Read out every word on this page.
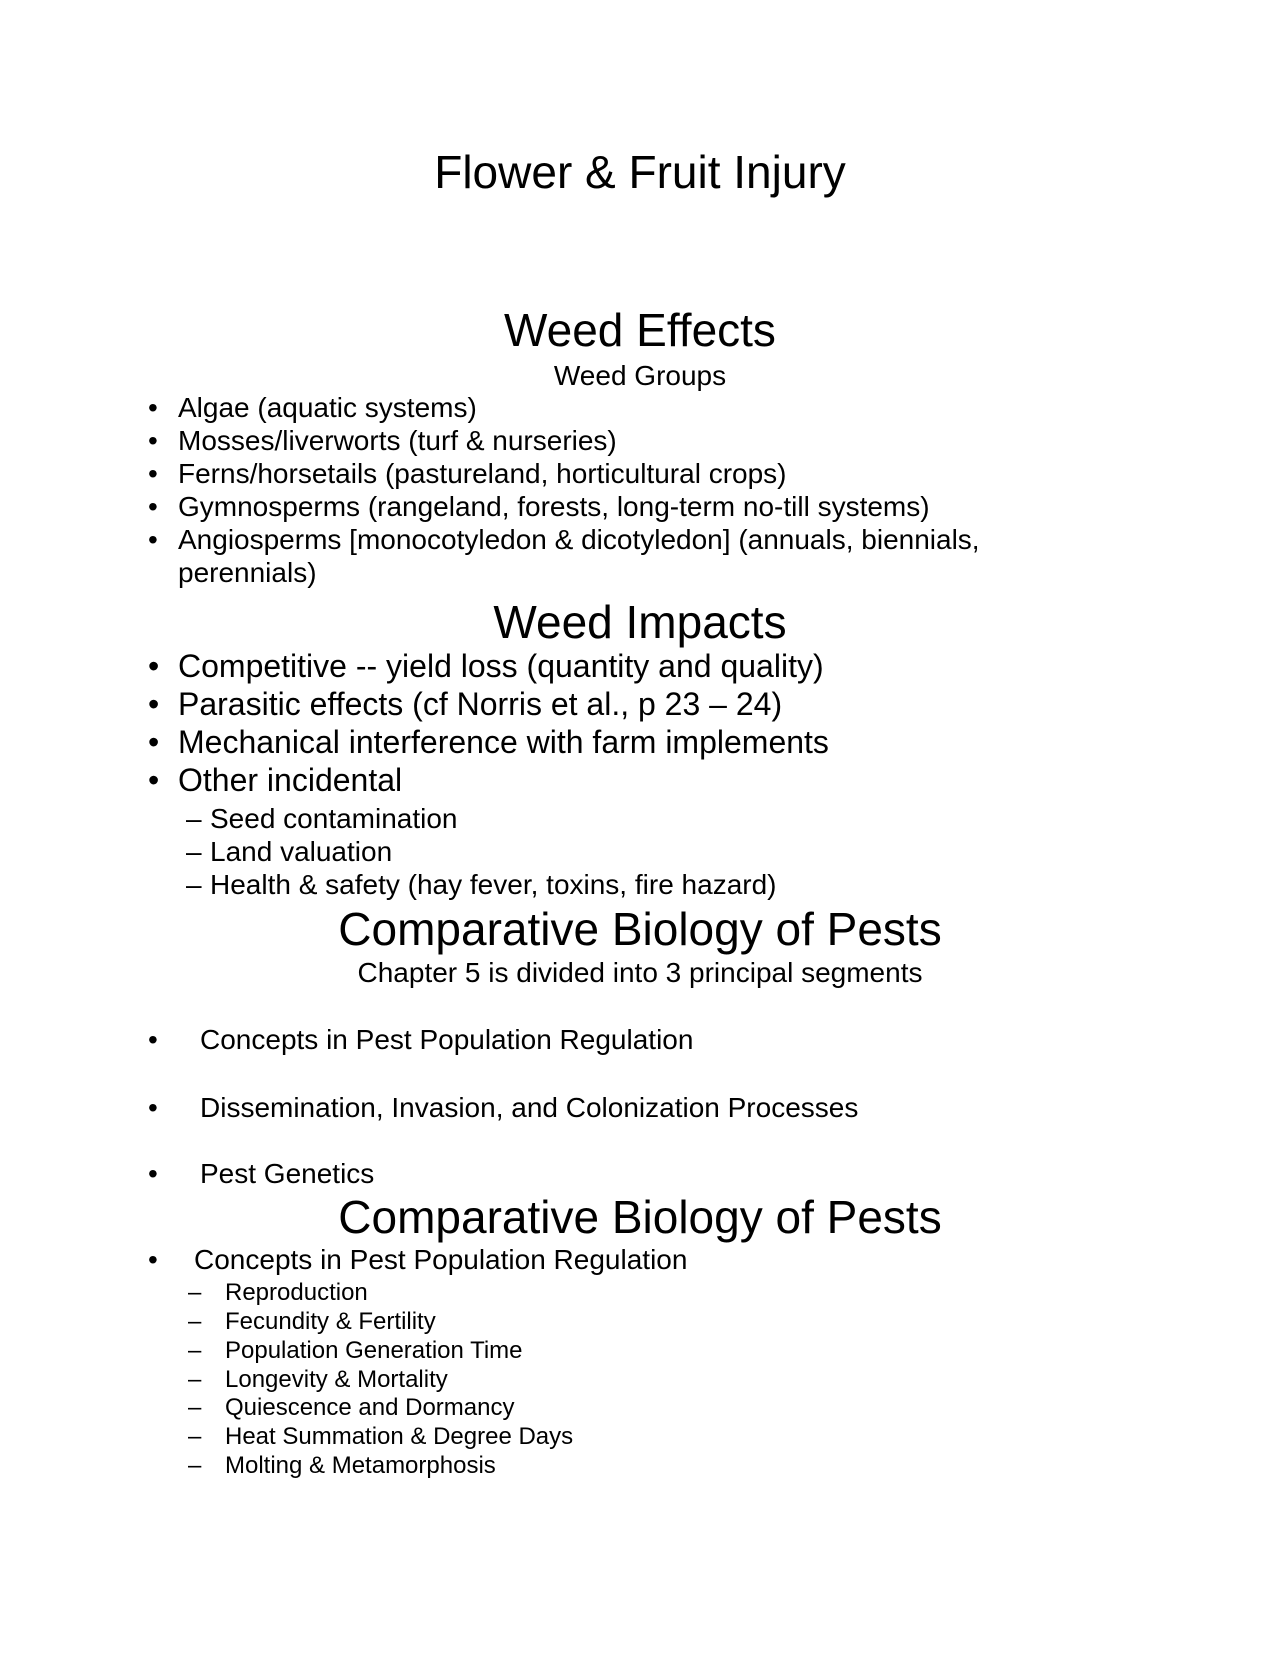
Flower & Fruit Injury
Weed Effects
Weed Groups
• Algae (aquatic systems)
• Mosses/liverworts (turf & nurseries)
• Ferns/horsetails (pastureland, horticultural crops)
• Gymnosperms (rangeland, forests, long-term no-till systems)
• Angiosperms [monocotyledon & dicotyledon] (annuals, biennials,
perennials)
Weed Impacts
• Competitive -- yield loss (quantity and quality)
• Parasitic effects (cf Norris et al., p 23 – 24)
• Mechanical interference with farm implements
• Other incidental
– Seed contamination
– Land valuation
– Health & safety (hay fever, toxins, fire hazard)
Comparative Biology of Pests
Chapter 5 is divided into 3 principal segments
• Concepts in Pest Population Regulation
• Dissemination, Invasion, and Colonization Processes
• Pest Genetics
Comparative Biology of Pests
• Concepts in Pest Population Regulation
– Reproduction
– Fecundity & Fertility
– Population Generation Time
– Longevity & Mortality
– Quiescence and Dormancy
– Heat Summation & Degree Days
– Molting & Metamorphosis
